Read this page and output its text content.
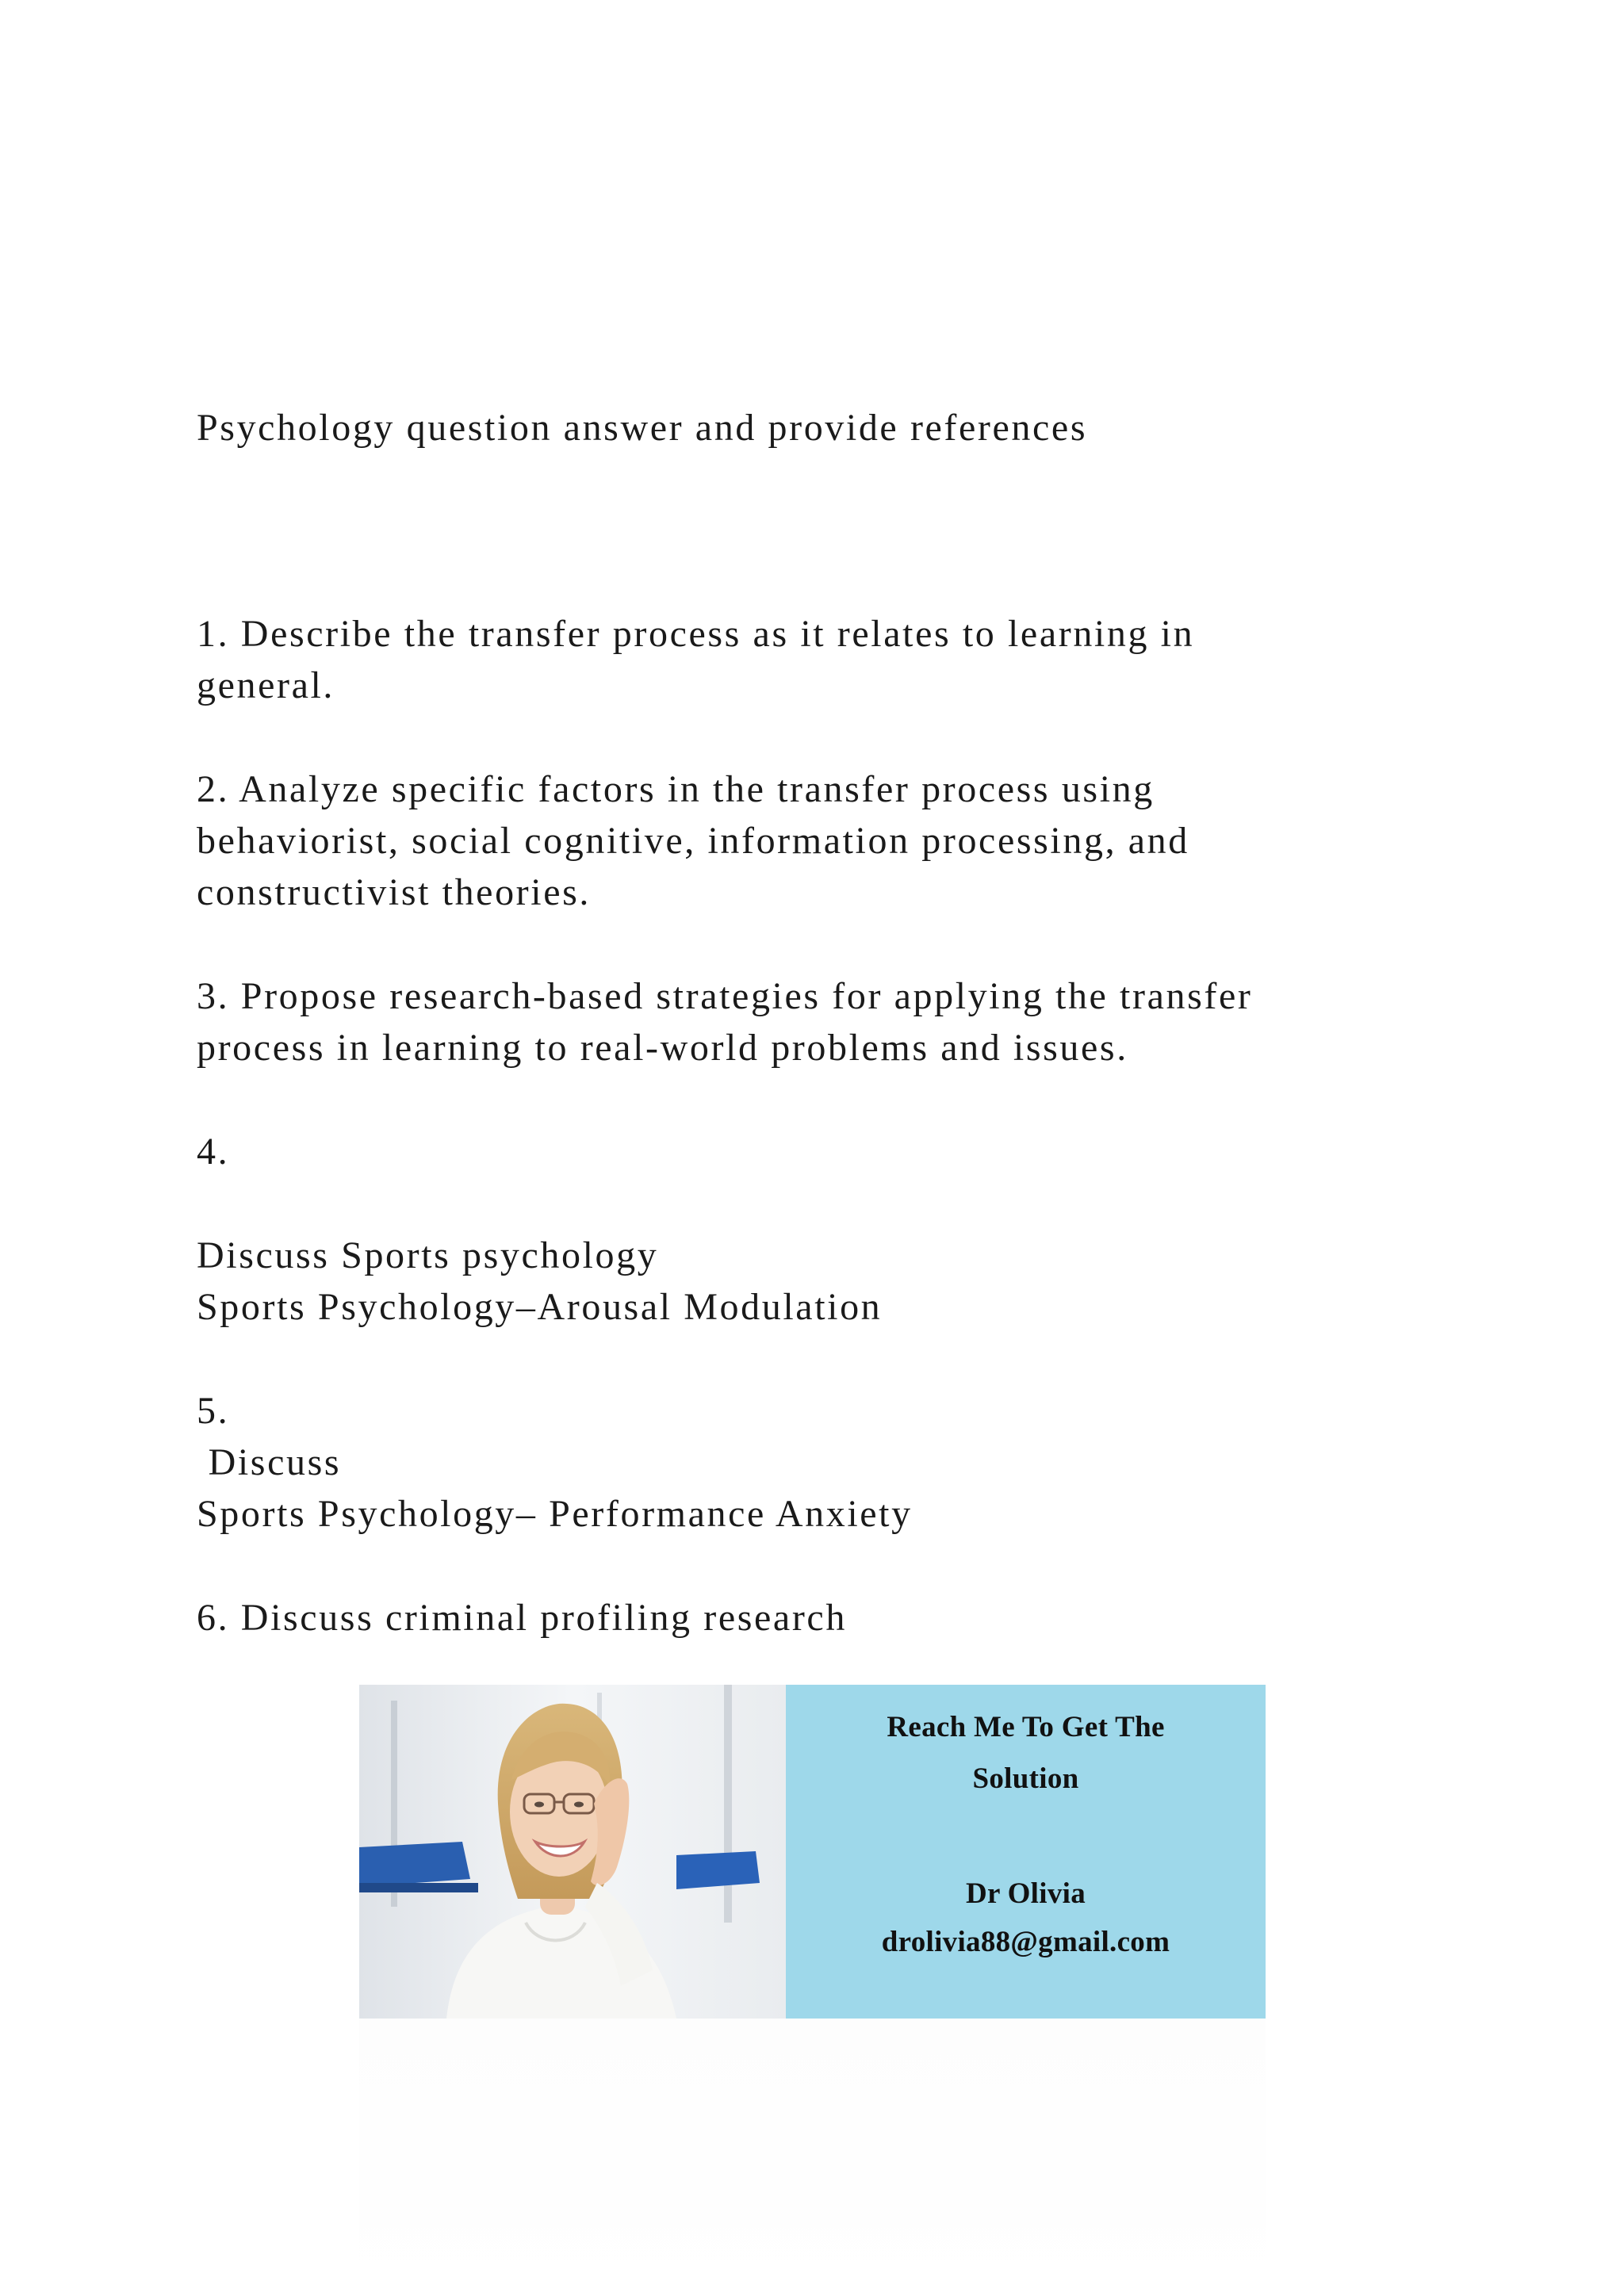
Psychology question answer and provide references
1. Describe the transfer process as it relates to learning in
general.
2. Analyze specific factors in the transfer process using
behaviorist, social cognitive, information processing, and
constructivist theories.
3. Propose research-based strategies for applying the transfer
process in learning to real-world problems and issues.
4.
Discuss Sports psychology
Sports Psychology–Arousal Modulation
5.
Discuss
Sports Psychology– Performance Anxiety
6. Discuss criminal profiling research
Reach Me To Get The
Solution
Dr Olivia
drolivia88@gmail.com
